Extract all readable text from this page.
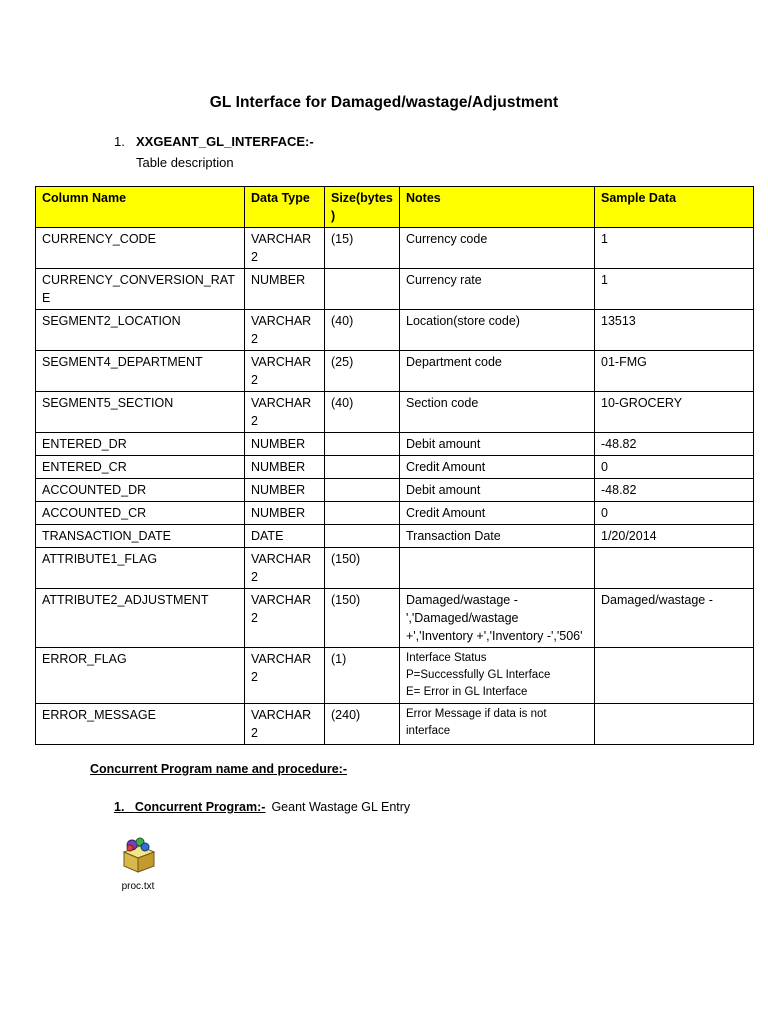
GL Interface for Damaged/wastage/Adjustment
1. XXGEANT_GL_INTERFACE:-
Table description
Column Name	Data Type	Size(bytes )	Notes	Sample Data
CURRENCY_CODE	VARCHAR 2	(15)	Currency code	1
CURRENCY_CONVERSION_RATE	NUMBER		Currency rate	1
SEGMENT2_LOCATION	VARCHAR 2	(40)	Location(store code)	13513
SEGMENT4_DEPARTMENT	VARCHAR 2	(25)	Department code	01-FMG
SEGMENT5_SECTION	VARCHAR 2	(40)	Section code	10-GROCERY
ENTERED_DR	NUMBER		Debit amount	-48.82
ENTERED_CR	NUMBER		Credit Amount	0
ACCOUNTED_DR	NUMBER		Debit amount	-48.82
ACCOUNTED_CR	NUMBER		Credit Amount	0
TRANSACTION_DATE	DATE		Transaction Date	1/20/2014
ATTRIBUTE1_FLAG	VARCHAR 2	(150)		
ATTRIBUTE2_ADJUSTMENT	VARCHAR 2	(150)	Damaged/wastage -','Damaged/wastage +','Inventory +','Inventory -','506'	Damaged/wastage -
ERROR_FLAG	VARCHAR 2	(1)	Interface Status
P=Successfully GL Interface
E= Error in GL Interface	

ERROR_MESSAGE	VARCHAR 2	(240)	Error Message if data is not interface	
Concurrent Program name and procedure:-
1. Concurrent Program:- Geant Wastage GL Entry
proc.txt
